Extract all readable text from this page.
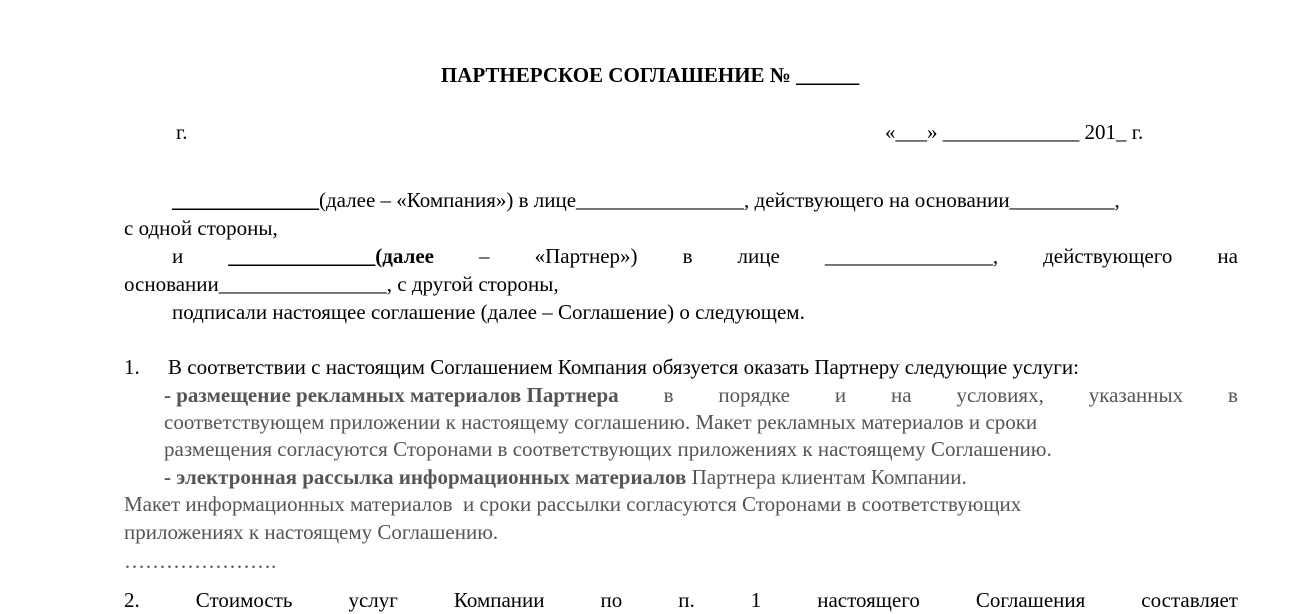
ПАРТНЕРСКОЕ СОГЛАШЕНИЕ № ______
г.	«___» _____________ 201_ г.
______________(далее – «Компания») в лице________________, действующего на основании__________,
с одной стороны,
и ______________(далее – «Партнер») в лице ________________, действующего на
основании________________, с другой стороны,
подписали настоящее соглашение (далее – Соглашение) о следующем.
1. В соответствии с настоящим Соглашением Компания обязуется оказать Партнеру следующие услуги:
- размещение рекламных материалов Партнера в порядке и на условиях, указанных в
соответствующем приложении к настоящему соглашению. Макет рекламных материалов и сроки
размещения согласуются Сторонами в соответствующих приложениях к настоящему Соглашению.
- электронная рассылка информационных материалов Партнера клиентам Компании.
Макет информационных материалов  и сроки рассылки согласуются Сторонами в соответствующих
приложениях к настоящему Соглашению.
………………….
2.	Стоимость	услуг	Компании	по	п.	1	настоящего	Соглашения	составляет
